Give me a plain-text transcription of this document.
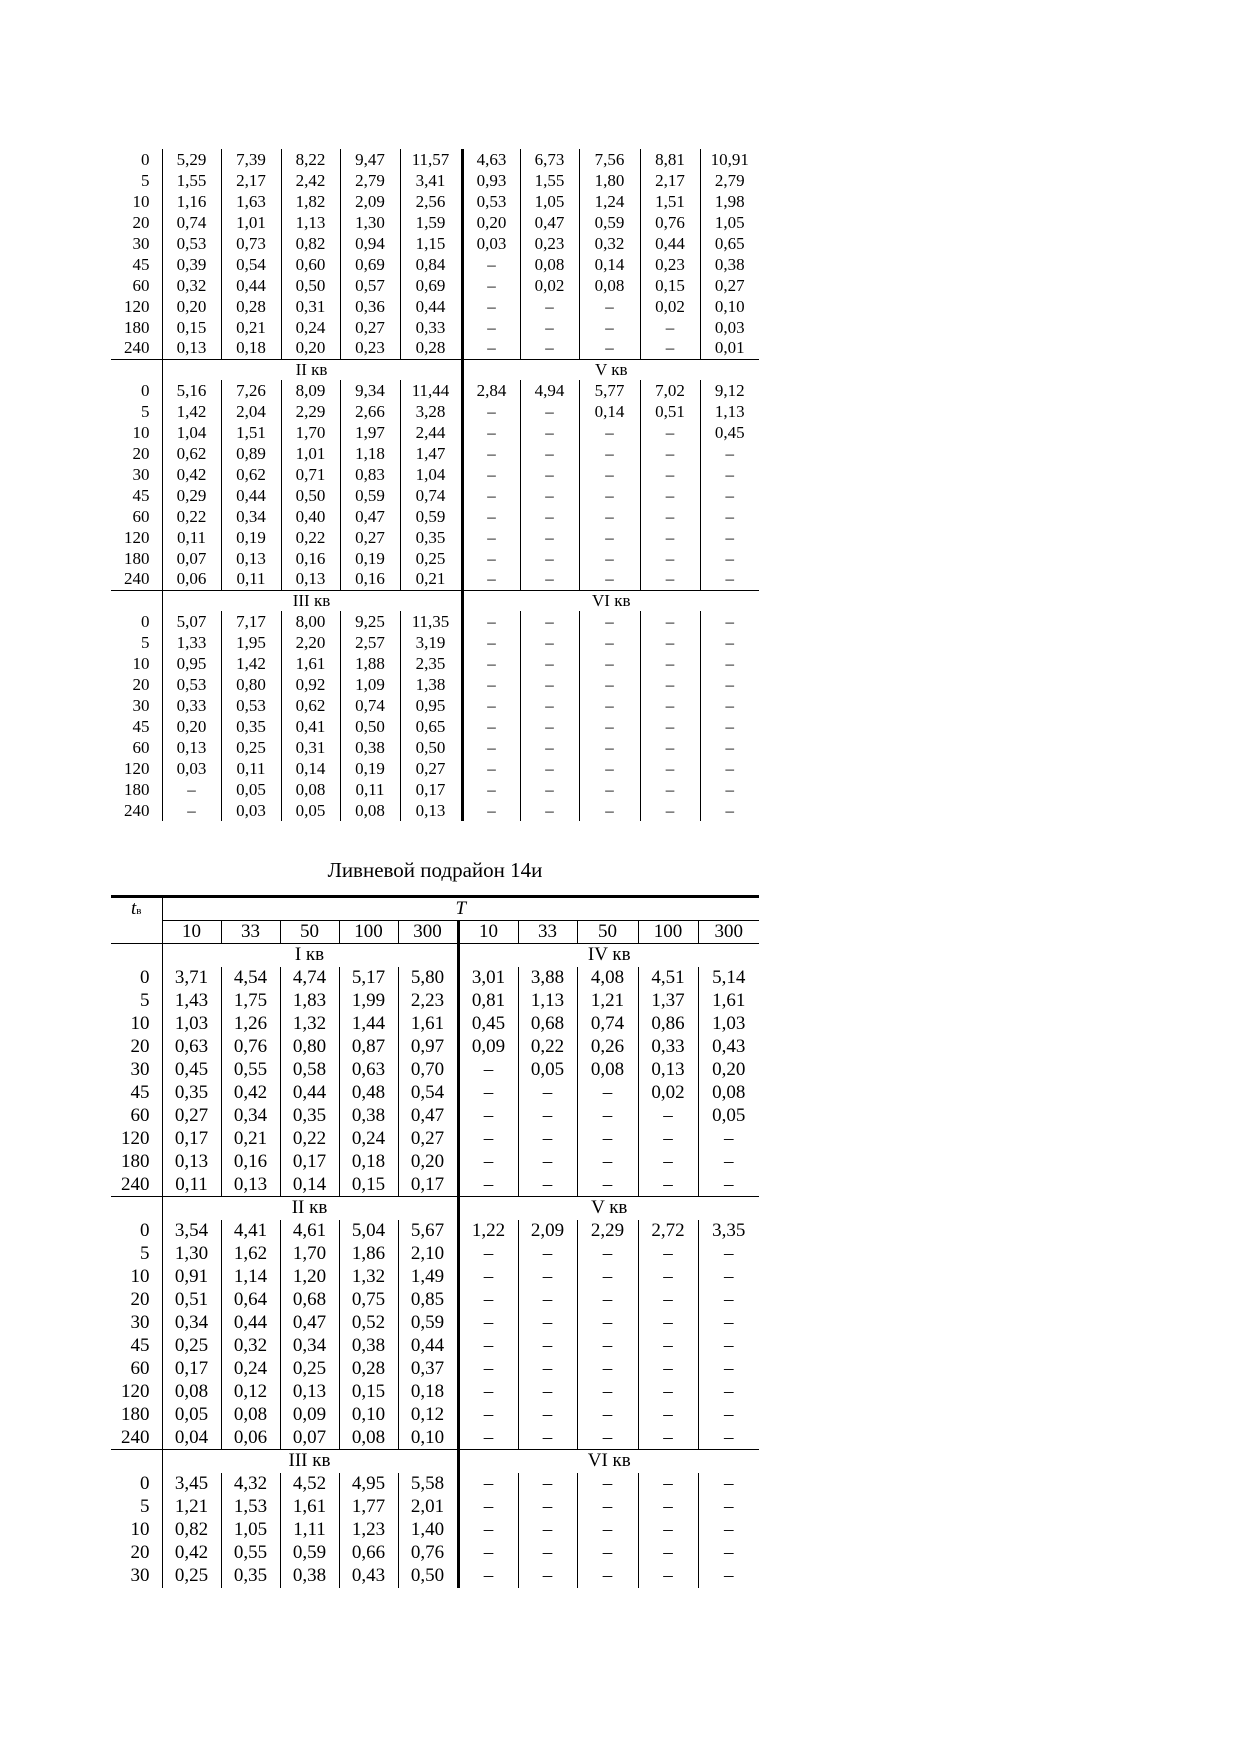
0	5,29	7,39	8,22	9,47	11,57	4,63	6,73	7,56	8,81	10,91
5	1,55	2,17	2,42	2,79	3,41	0,93	1,55	1,80	2,17	2,79
10	1,16	1,63	1,82	2,09	2,56	0,53	1,05	1,24	1,51	1,98
20	0,74	1,01	1,13	1,30	1,59	0,20	0,47	0,59	0,76	1,05
30	0,53	0,73	0,82	0,94	1,15	0,03	0,23	0,32	0,44	0,65
45	0,39	0,54	0,60	0,69	0,84	–	0,08	0,14	0,23	0,38
60	0,32	0,44	0,50	0,57	0,69	–	0,02	0,08	0,15	0,27
120	0,20	0,28	0,31	0,36	0,44	–	–	–	0,02	0,10
180	0,15	0,21	0,24	0,27	0,33	–	–	–	–	0,03
240	0,13	0,18	0,20	0,23	0,28	–	–	–	–	0,01
	II кв					V кв				
0	5,16	7,26	8,09	9,34	11,44	2,84	4,94	5,77	7,02	9,12
5	1,42	2,04	2,29	2,66	3,28	–	–	0,14	0,51	1,13
10	1,04	1,51	1,70	1,97	2,44	–	–	–	–	0,45
20	0,62	0,89	1,01	1,18	1,47	–	–	–	–	–
30	0,42	0,62	0,71	0,83	1,04	–	–	–	–	–
45	0,29	0,44	0,50	0,59	0,74	–	–	–	–	–
60	0,22	0,34	0,40	0,47	0,59	–	–	–	–	–
120	0,11	0,19	0,22	0,27	0,35	–	–	–	–	–
180	0,07	0,13	0,16	0,19	0,25	–	–	–	–	–
240	0,06	0,11	0,13	0,16	0,21	–	–	–	–	–
	III кв					VI кв				
0	5,07	7,17	8,00	9,25	11,35	–	–	–	–	–
5	1,33	1,95	2,20	2,57	3,19	–	–	–	–	–
10	0,95	1,42	1,61	1,88	2,35	–	–	–	–	–
20	0,53	0,80	0,92	1,09	1,38	–	–	–	–	–
30	0,33	0,53	0,62	0,74	0,95	–	–	–	–	–
45	0,20	0,35	0,41	0,50	0,65	–	–	–	–	–
60	0,13	0,25	0,31	0,38	0,50	–	–	–	–	–
120	0,03	0,11	0,14	0,19	0,27	–	–	–	–	–
180	–	0,05	0,08	0,11	0,17	–	–	–	–	–
240	–	0,03	0,05	0,08	0,13	–	–	–	–	–
Ливневой подрайон 14и
tв	T									
	10	33	50	100	300	10	33	50	100	300
	I кв					IV кв				
0	3,71	4,54	4,74	5,17	5,80	3,01	3,88	4,08	4,51	5,14
5	1,43	1,75	1,83	1,99	2,23	0,81	1,13	1,21	1,37	1,61
10	1,03	1,26	1,32	1,44	1,61	0,45	0,68	0,74	0,86	1,03
20	0,63	0,76	0,80	0,87	0,97	0,09	0,22	0,26	0,33	0,43
30	0,45	0,55	0,58	0,63	0,70	–	0,05	0,08	0,13	0,20
45	0,35	0,42	0,44	0,48	0,54	–	–	–	0,02	0,08
60	0,27	0,34	0,35	0,38	0,47	–	–	–	–	0,05
120	0,17	0,21	0,22	0,24	0,27	–	–	–	–	–
180	0,13	0,16	0,17	0,18	0,20	–	–	–	–	–
240	0,11	0,13	0,14	0,15	0,17	–	–	–	–	–
	II кв					V кв				
0	3,54	4,41	4,61	5,04	5,67	1,22	2,09	2,29	2,72	3,35
5	1,30	1,62	1,70	1,86	2,10	–	–	–	–	–
10	0,91	1,14	1,20	1,32	1,49	–	–	–	–	–
20	0,51	0,64	0,68	0,75	0,85	–	–	–	–	–
30	0,34	0,44	0,47	0,52	0,59	–	–	–	–	–
45	0,25	0,32	0,34	0,38	0,44	–	–	–	–	–
60	0,17	0,24	0,25	0,28	0,37	–	–	–	–	–
120	0,08	0,12	0,13	0,15	0,18	–	–	–	–	–
180	0,05	0,08	0,09	0,10	0,12	–	–	–	–	–
240	0,04	0,06	0,07	0,08	0,10	–	–	–	–	–
	III кв					VI кв				
0	3,45	4,32	4,52	4,95	5,58	–	–	–	–	–
5	1,21	1,53	1,61	1,77	2,01	–	–	–	–	–
10	0,82	1,05	1,11	1,23	1,40	–	–	–	–	–
20	0,42	0,55	0,59	0,66	0,76	–	–	–	–	–
30	0,25	0,35	0,38	0,43	0,50	–	–	–	–	–
